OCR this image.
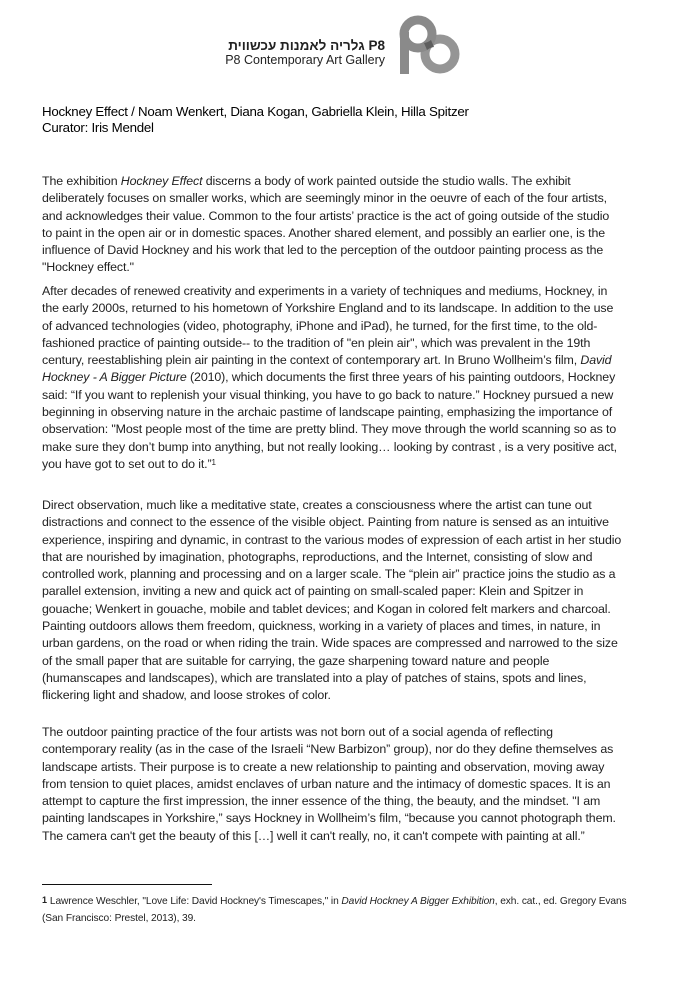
P8 גלריה לאמנות עכשווית
P8 Contemporary Art Gallery
Hockney Effect / Noam Wenkert, Diana Kogan, Gabriella Klein, Hilla Spitzer
Curator: Iris Mendel
The exhibition Hockney Effect discerns a body of work painted outside the studio walls. The exhibit
deliberately focuses on smaller works, which are seemingly minor in the oeuvre of each of the four artists,
and acknowledges their value. Common to the four artists’ practice is the act of going outside of the studio
to paint in the open air or in domestic spaces. Another shared element, and possibly an earlier one, is the
influence of David Hockney and his work that led to the perception of the outdoor painting process as the
"Hockney effect."
After decades of renewed creativity and experiments in a variety of techniques and mediums, Hockney, in
the early 2000s, returned to his hometown of Yorkshire England and to its landscape. In addition to the use
of advanced technologies (video, photography, iPhone and iPad), he turned, for the first time, to the old-
fashioned practice of painting outside-- to the tradition of "en plein air", which was prevalent in the 19th
century, reestablishing plein air painting in the context of contemporary art. In Bruno Wollheim’s film, David
Hockney - A Bigger Picture (2010), which documents the first three years of his painting outdoors, Hockney
said: “If you want to replenish your visual thinking, you have to go back to nature.” Hockney pursued a new
beginning in observing nature in the archaic pastime of landscape painting, emphasizing the importance of
observation: "Most people most of the time are pretty blind. They move through the world scanning so as to
make sure they don’t bump into anything, but not really looking… looking by contrast , is a very positive act,
you have got to set out to do it.”$^1$
Direct observation, much like a meditative state, creates a consciousness where the artist can tune out
distractions and connect to the essence of the visible object. Painting from nature is sensed as an intuitive
experience, inspiring and dynamic, in contrast to the various modes of expression of each artist in her studio
that are nourished by imagination, photographs, reproductions, and the Internet, consisting of slow and
controlled work, planning and processing and on a larger scale. The “plein air” practice joins the studio as a
parallel extension, inviting a new and quick act of painting on small-scaled paper: Klein and Spitzer in
gouache; Wenkert in gouache, mobile and tablet devices; and Kogan in colored felt markers and charcoal.
Painting outdoors allows them freedom, quickness, working in a variety of places and times, in nature, in
urban gardens, on the road or when riding the train. Wide spaces are compressed and narrowed to the size
of the small paper that are suitable for carrying, the gaze sharpening toward nature and people
(humanscapes and landscapes), which are translated into a play of patches of stains, spots and lines,
flickering light and shadow, and loose strokes of color.
The outdoor painting practice of the four artists was not born out of a social agenda of reflecting
contemporary reality (as in the case of the Israeli “New Barbizon” group), nor do they define themselves as
landscape artists. Their purpose is to create a new relationship to painting and observation, moving away
from tension to quiet places, amidst enclaves of urban nature and the intimacy of domestic spaces. It is an
attempt to capture the first impression, the inner essence of the thing, the beauty, and the mindset. "I am
painting landscapes in Yorkshire,” says Hockney in Wollheim’s film, “because you cannot photograph them.
The camera can't get the beauty of this […] well it can't really, no, it can't compete with painting at all.”
1 Lawrence Weschler, "Love Life: David Hockney's Timescapes," in David Hockney A Bigger Exhibition, exh. cat., ed. Gregory Evans
(San Francisco: Prestel, 2013), 39.
